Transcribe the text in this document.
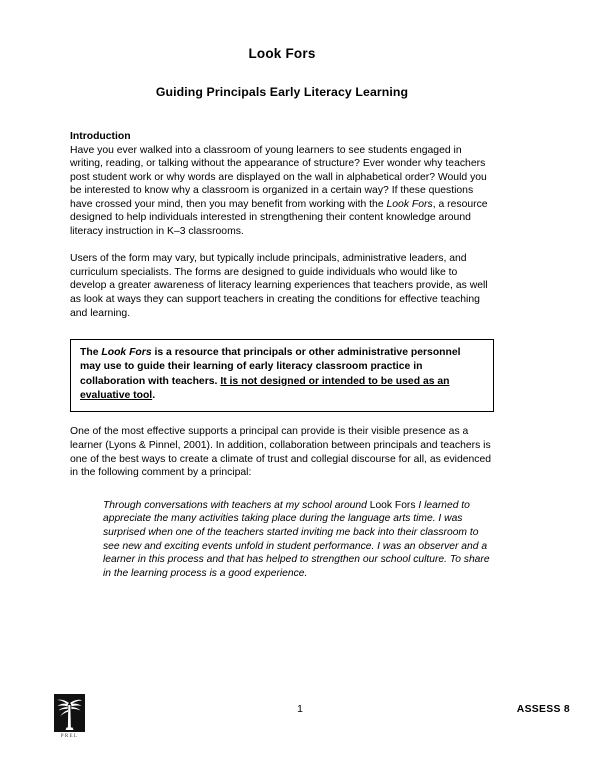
Look Fors
Guiding Principals Early Literacy Learning
Introduction

Have you ever walked into a classroom of young learners to see students engaged in writing, reading, or talking without the appearance of structure? Ever wonder why teachers post student work or why words are displayed on the wall in alphabetical order? Would you be interested to know why a classroom is organized in a certain way? If these questions have crossed your mind, then you may benefit from working with the Look Fors, a resource designed to help individuals interested in strengthening their content knowledge around literacy instruction in K–3 classrooms.

Users of the form may vary, but typically include principals, administrative leaders, and curriculum specialists. The forms are designed to guide individuals who would like to develop a greater awareness of literacy learning experiences that teachers provide, as well as look at ways they can support teachers in creating the conditions for effective teaching and learning.

The Look Fors is a resource that principals or other administrative personnel may use to guide their learning of early literacy classroom practice in collaboration with teachers. It is not designed or intended to be used as an evaluative tool.

One of the most effective supports a principal can provide is their visible presence as a learner (Lyons & Pinnel, 2001). In addition, collaboration between principals and teachers is one of the best ways to create a climate of trust and collegial discourse for all, as evidenced in the following comment by a principal:

Through conversations with teachers at my school around Look Fors I learned to appreciate the many activities taking place during the language arts time. I was surprised when one of the teachers started inviting me back into their classroom to see new and exciting events unfold in student performance. I was an observer and a learner in this process and that has helped to strengthen our school culture. To share in the learning process is a good experience.
PREL
1	ASSESS 8
